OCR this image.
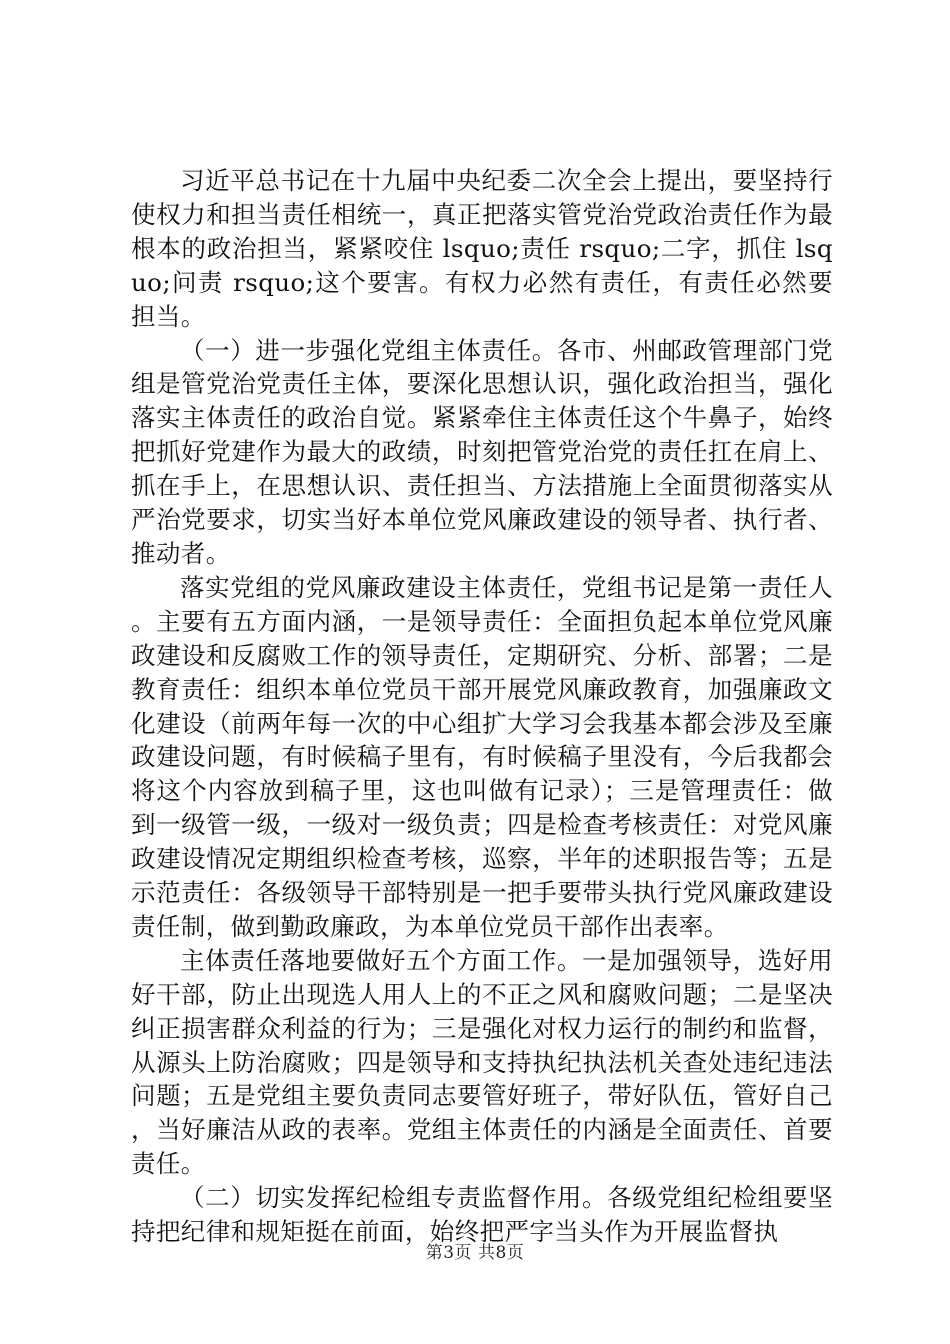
习近平总书记在十九届中央纪委二次全会上提出，要坚持行使权力和担当责任相统一，真正把落实管党治党政治责任作为最根本的政治担当，紧紧咬住 lsquo;责任 rsquo;二字，抓住 lsquo;问责 rsquo;这个要害。有权力必然有责任，有责任必然要担当。

（一）进一步强化党组主体责任。各市、州邮政管理部门党组是管党治党责任主体，要深化思想认识，强化政治担当，强化落实主体责任的政治自觉。紧紧牵住主体责任这个牛鼻子，始终把抓好党建作为最大的政绩，时刻把管党治党的责任扛在肩上、抓在手上，在思想认识、责任担当、方法措施上全面贯彻落实从严治党要求，切实当好本单位党风廉政建设的领导者、执行者、推动者。

落实党组的党风廉政建设主体责任，党组书记是第一责任人。主要有五方面内涵，一是领导责任：全面担负起本单位党风廉政建设和反腐败工作的领导责任，定期研究、分析、部署；二是教育责任：组织本单位党员干部开展党风廉政教育，加强廉政文化建设（前两年每一次的中心组扩大学习会我基本都会涉及至廉政建设问题，有时候稿子里有，有时候稿子里没有，今后我都会将这个内容放到稿子里，这也叫做有记录）；三是管理责任：做到一级管一级，一级对一级负责；四是检查考核责任：对党风廉政建设情况定期组织检查考核，巡察，半年的述职报告等；五是示范责任：各级领导干部特别是一把手要带头执行党风廉政建设责任制，做到勤政廉政，为本单位党员干部作出表率。

主体责任落地要做好五个方面工作。一是加强领导，选好用好干部，防止出现选人用人上的不正之风和腐败问题；二是坚决纠正损害群众利益的行为；三是强化对权力运行的制约和监督，从源头上防治腐败；四是领导和支持执纪执法机关查处违纪违法问题；五是党组主要负责同志要管好班子，带好队伍，管好自己，当好廉洁从政的表率。党组主体责任的内涵是全面责任、首要责任。

（二）切实发挥纪检组专责监督作用。各级党组纪检组要坚持把纪律和规矩挺在前面，始终把严字当头作为开展监督执

第3页 共8页
